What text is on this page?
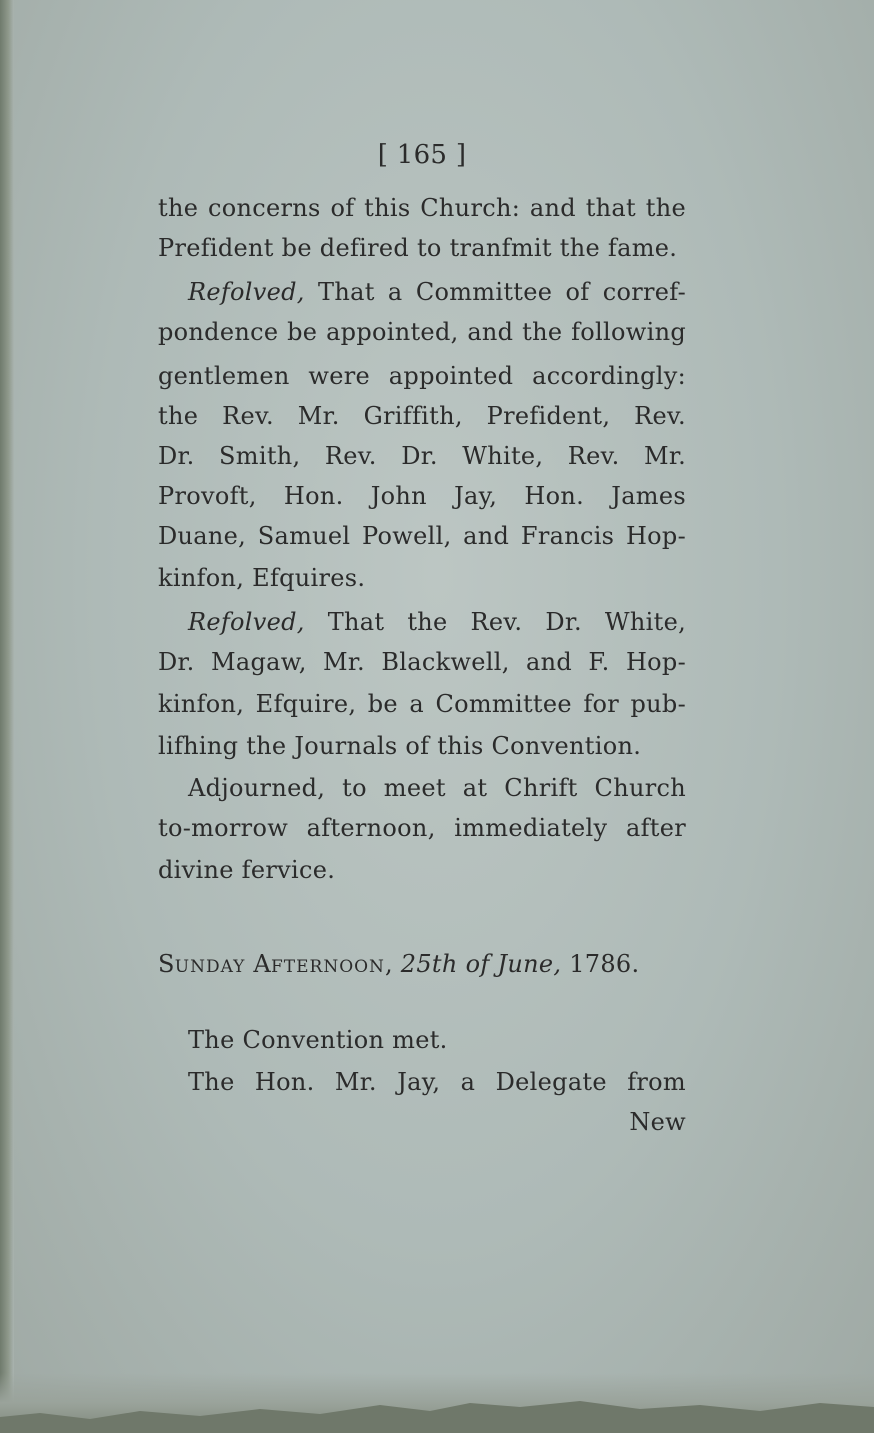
[ 165 ]
the concerns of this Church: and that the
Prefident be defired to tranfmit the fame.
Refolved, That a Committee of corref-
pondence be appointed, and the following
gentlemen were appointed accordingly:
the Rev. Mr. Griffith, Prefident, Rev.
Dr. Smith, Rev. Dr. White, Rev. Mr.
Provoft, Hon. John Jay, Hon. James
Duane, Samuel Powell, and Francis Hop-
kinfon, Efquires.
Refolved, That the Rev. Dr. White,
Dr. Magaw, Mr. Blackwell, and F. Hop-
kinfon, Efquire, be a Committee for pub-
lifhing the Journals of this Convention.
Adjourned, to meet at Chrift Church
to-morrow afternoon, immediately after
divine fervice.
SUNDAY AFTERNOON, 25th of June, 1786.
The Convention met.
The Hon. Mr. Jay, a Delegate from
New
